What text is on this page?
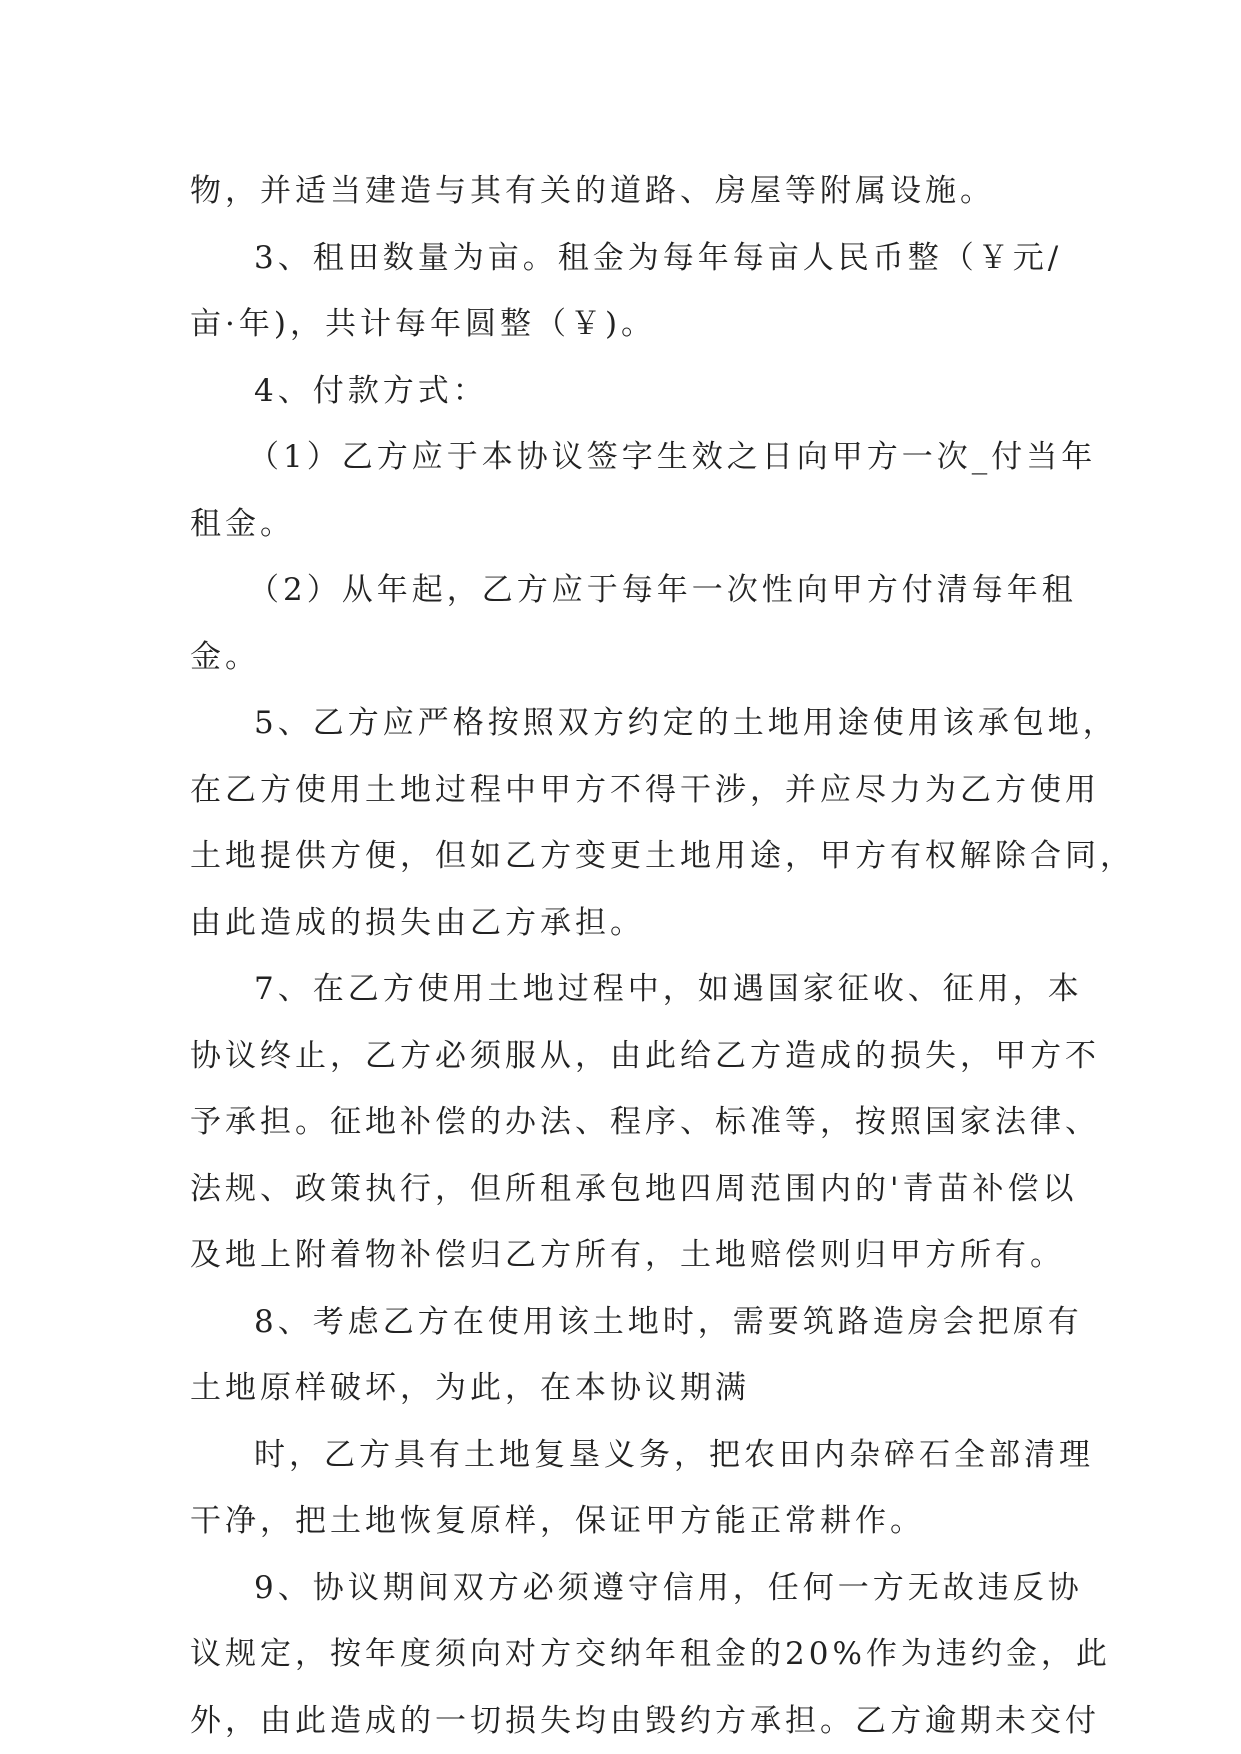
物，并适当建造与其有关的道路、房屋等附属设施。
3、租田数量为亩。租金为每年每亩人民币整（￥元/
亩·年)，共计每年圆整（￥)。
4、付款方式：
（1）乙方应于本协议签字生效之日向甲方一次_付当年
租金。
（2）从年起，乙方应于每年一次性向甲方付清每年租
金。
5、乙方应严格按照双方约定的土地用途使用该承包地，
在乙方使用土地过程中甲方不得干涉，并应尽力为乙方使用
土地提供方便，但如乙方变更土地用途，甲方有权解除合同，
由此造成的损失由乙方承担。
7、在乙方使用土地过程中，如遇国家征收、征用，本
协议终止，乙方必须服从，由此给乙方造成的损失，甲方不
予承担。征地补偿的办法、程序、标准等，按照国家法律、
法规、政策执行，但所租承包地四周范围内的'青苗补偿以
及地上附着物补偿归乙方所有，土地赔偿则归甲方所有。
8、考虑乙方在使用该土地时，需要筑路造房会把原有
土地原样破坏，为此，在本协议期满
时，乙方具有土地复垦义务，把农田内杂碎石全部清理
干净，把土地恢复原样，保证甲方能正常耕作。
9、协议期间双方必须遵守信用，任何一方无故违反协
议规定，按年度须向对方交纳年租金的20%作为违约金，此
外，由此造成的一切损失均由毁约方承担。乙方逾期未交付
